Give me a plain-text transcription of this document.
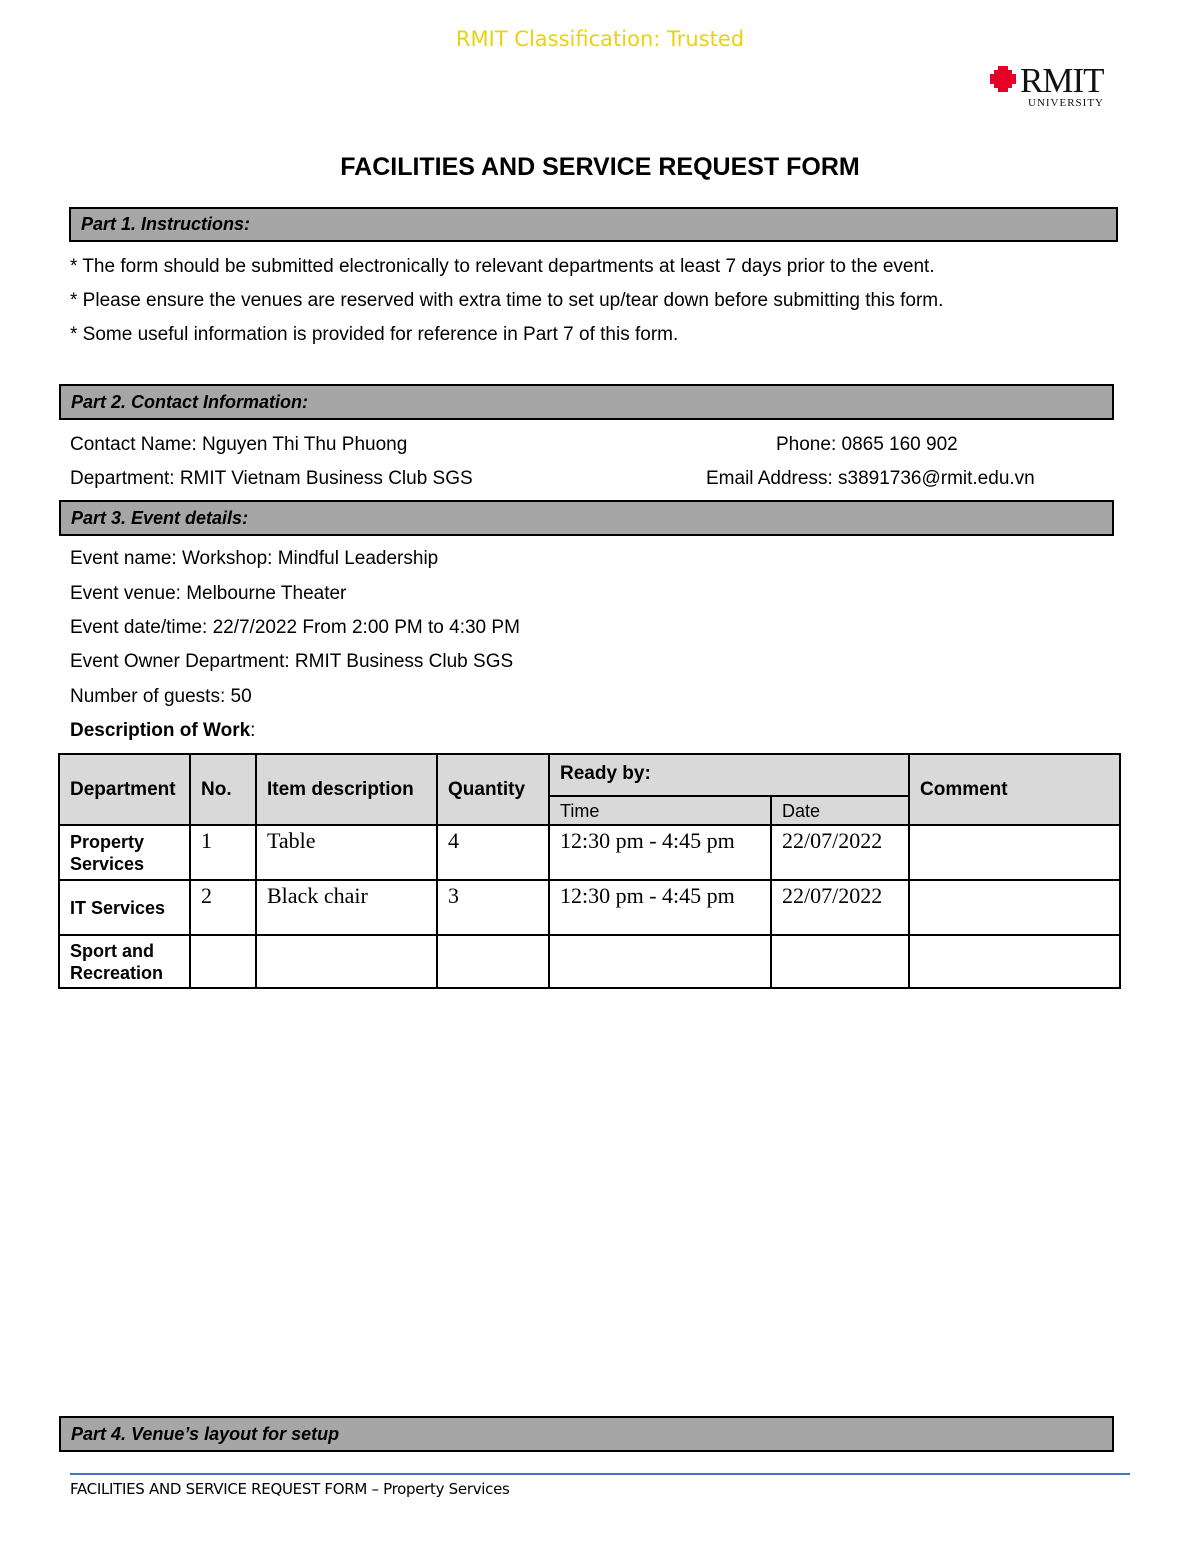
RMIT Classification: Trusted
RMIT
UNIVERSITY
FACILITIES AND SERVICE REQUEST FORM
Part 1. Instructions:
* The form should be submitted electronically to relevant departments at least 7 days prior to the event.
* Please ensure the venues are reserved with extra time to set up/tear down before submitting this form.
* Some useful information is provided for reference in Part 7 of this form.
Part 2. Contact Information:
Contact Name: Nguyen Thi Thu Phuong	Phone: 0865 160 902
Department: RMIT Vietnam Business Club SGS	Email Address: s3891736@rmit.edu.vn
Part 3. Event details:
Event name: Workshop: Mindful Leadership
Event venue: Melbourne Theater
Event date/time: 22/7/2022 From 2:00 PM to 4:30 PM
Event Owner Department: RMIT Business Club SGS
Number of guests: 50
Description of Work:
Department	No.	Item description	Quantity	Ready by:		Comment
				Time	Date	
Property Services	1	Table	4	12:30 pm - 4:45 pm	22/07/2022	
IT Services	2	Black chair	3	12:30 pm - 4:45 pm	22/07/2022	
Sport and Recreation						
Part 4. Venue’s layout for setup
FACILITIES AND SERVICE REQUEST FORM – Property Services
